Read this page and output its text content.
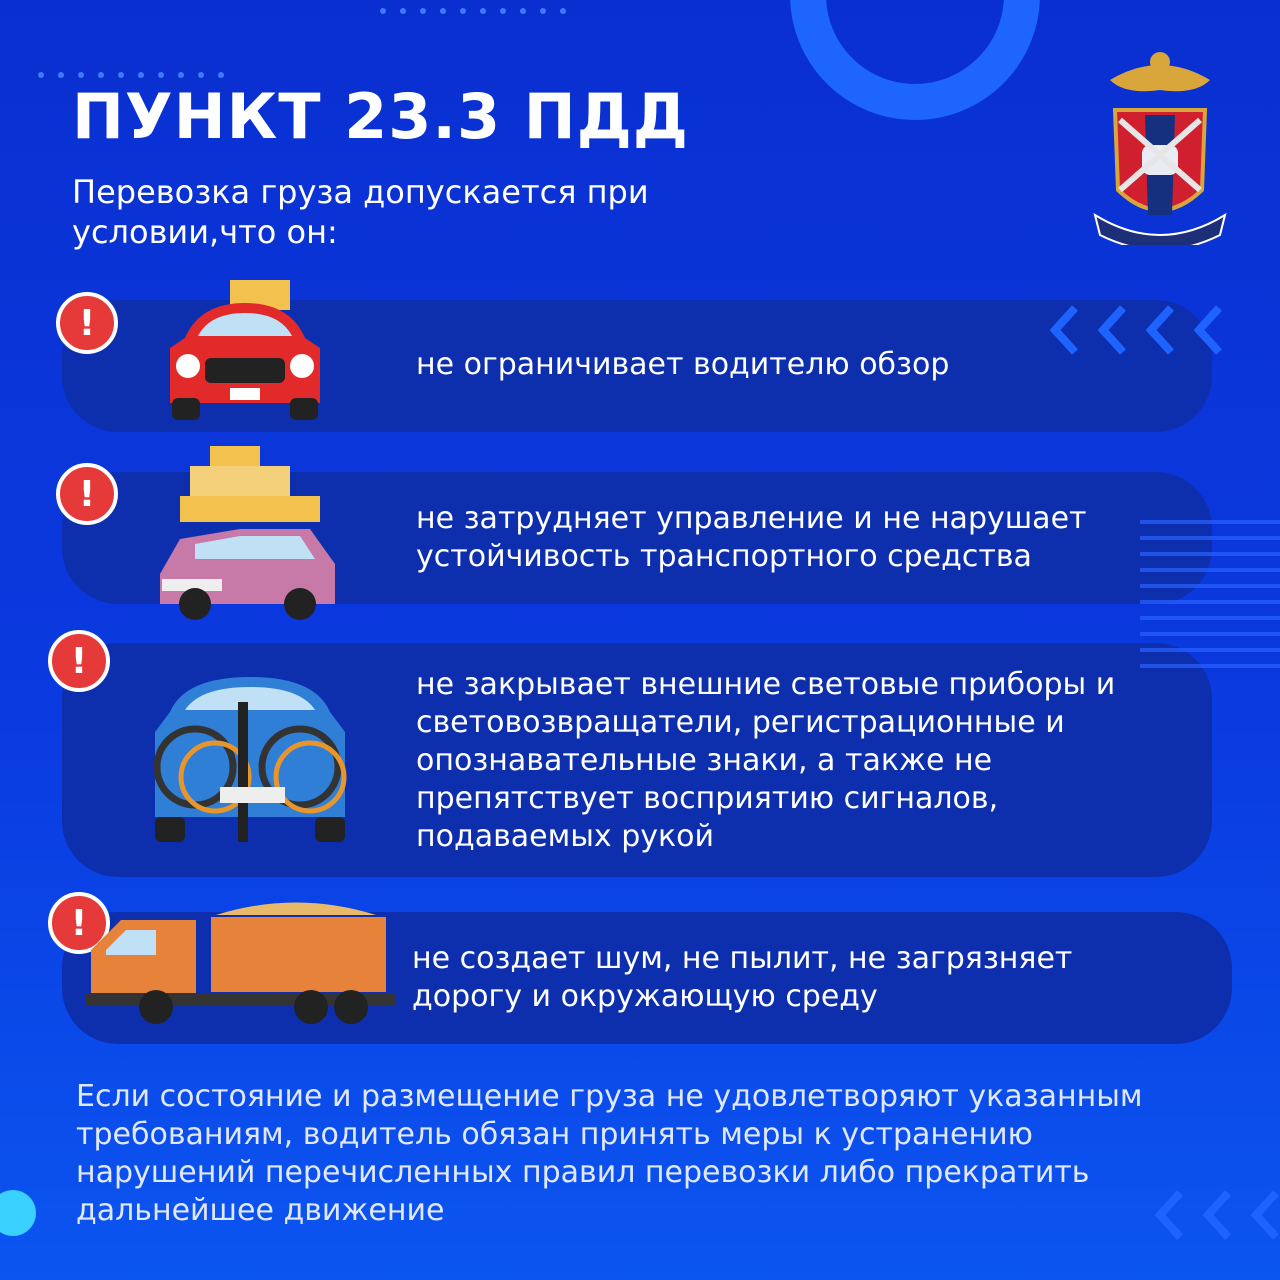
ПУНКТ 23.3 ПДД
Перевозка груза допускается при условии,что он:
!
не ограничивает водителю обзор
!
не затрудняет управление и не нарушает устойчивость транспортного средства
!
не закрывает внешние световые приборы и световозвращатели, регистрационные и опознавательные знаки, а также не препятствует восприятию сигналов, подаваемых рукой
!
не создает шум, не пылит, не загрязняет дорогу и окружающую среду
Если состояние и размещение груза не удовлетворяют указанным требованиям, водитель обязан принять меры к устранению нарушений перечисленных правил перевозки либо прекратить дальнейшее движение
